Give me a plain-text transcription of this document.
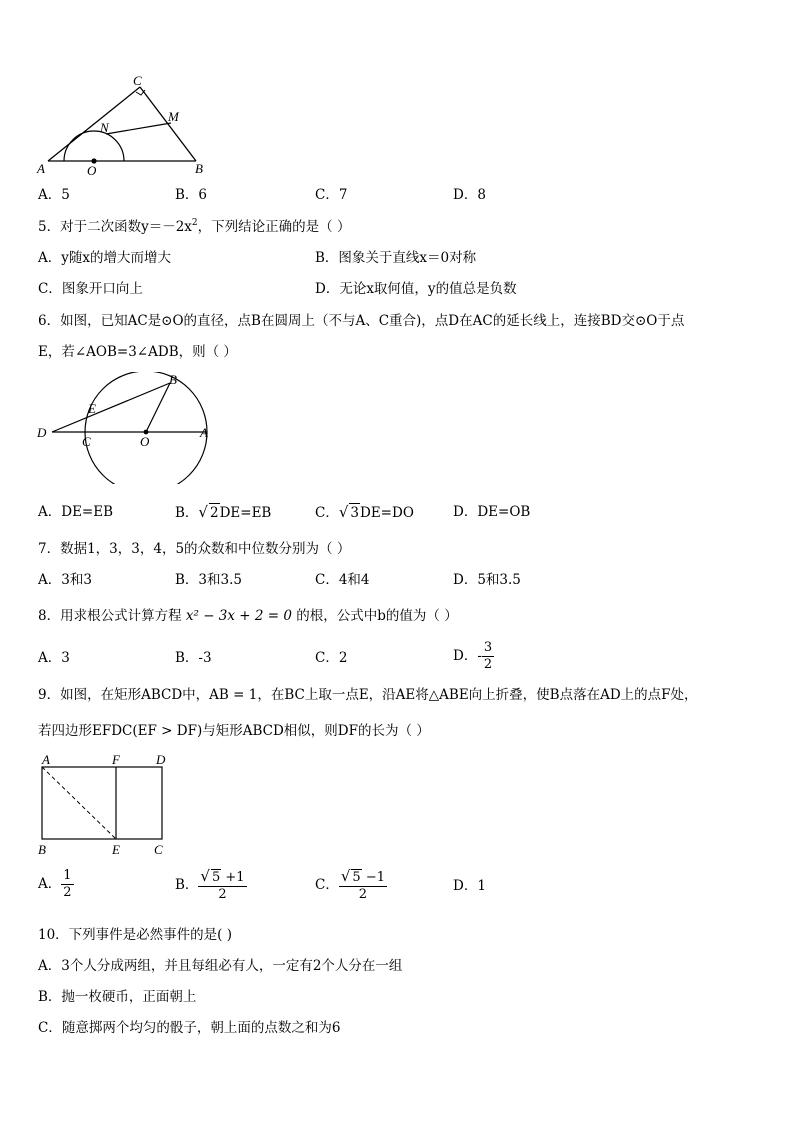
A	B
C
M
N
O
A．5	B．6	C．7	D．8
5．对于二次函数$y=-2x^2$，下列结论正确的是（ ）
A．y随x的增大而增大	B．图象关于直线x＝0对称
C．图象开口向上	D．无论x取何值，y的值总是负数
6．如图，已知AC是⊙O的直径，点B在圆周上（不与A、C重合)，点D在AC的延长线上，连接BD交⊙O于点
E，若∠AOB=3∠ADB，则（ ）
D
E
C	O
B
A
A．DE=EB	B．√ 2DE=EB	C．√ 3DE=DO	D．DE=OB
7．数据1，3，3，4，5的众数和中位数分别为（ ）
A．3和3	B．3和3.5	C．4和4	D．5和3.5
8．用求根公式计算方程 x² − 3x + 2 = 0 的根，公式中b的值为（ ）
A．3	B．-3	C．2	D．- $\frac{3}{2}$
9．如图，在矩形ABCD中，AB = 1，在BC上取一点E，沿AE将△ABE向上折叠，使B点落在AD上的点F处，
若四边形EFDC(EF > DF)与矩形ABCD相似，则DF的长为（ ）
A	F	D
B	E	C
A． $\frac{1}{2}$	B． $\frac{√ 5 +1}{2}$	C． $\frac{√ 5 -1}{2}$	D．1
10．下列事件是必然事件的是( )
A．3个人分成两组，并且每组必有人，一定有2个人分在一组
B．抛一枚硬币，正面朝上
C．随意掷两个均匀的骰子，朝上面的点数之和为6
